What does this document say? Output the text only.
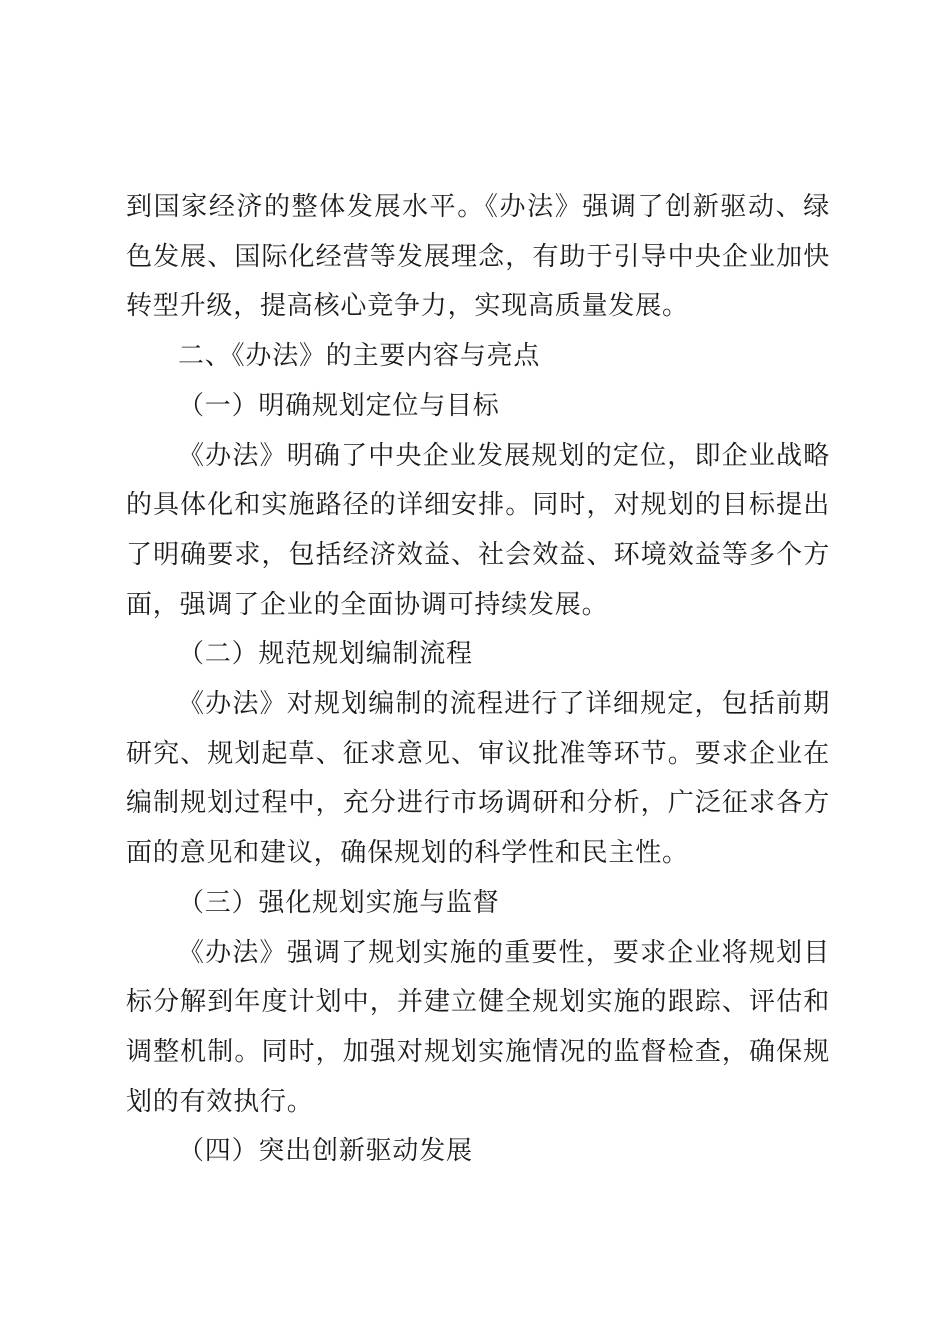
到国家经济的整体发展水平。《办法》强调了创新驱动、绿色发展、国际化经营等发展理念，有助于引导中央企业加快转型升级，提高核心竞争力，实现高质量发展。

二、《办法》的主要内容与亮点

（一）明确规划定位与目标

《办法》明确了中央企业发展规划的定位，即企业战略的具体化和实施路径的详细安排。同时，对规划的目标提出了明确要求，包括经济效益、社会效益、环境效益等多个方面，强调了企业的全面协调可持续发展。

（二）规范规划编制流程

《办法》对规划编制的流程进行了详细规定，包括前期研究、规划起草、征求意见、审议批准等环节。要求企业在编制规划过程中，充分进行市场调研和分析，广泛征求各方面的意见和建议，确保规划的科学性和民主性。

（三）强化规划实施与监督

《办法》强调了规划实施的重要性，要求企业将规划目标分解到年度计划中，并建立健全规划实施的跟踪、评估和调整机制。同时，加强对规划实施情况的监督检查，确保规划的有效执行。

（四）突出创新驱动发展
